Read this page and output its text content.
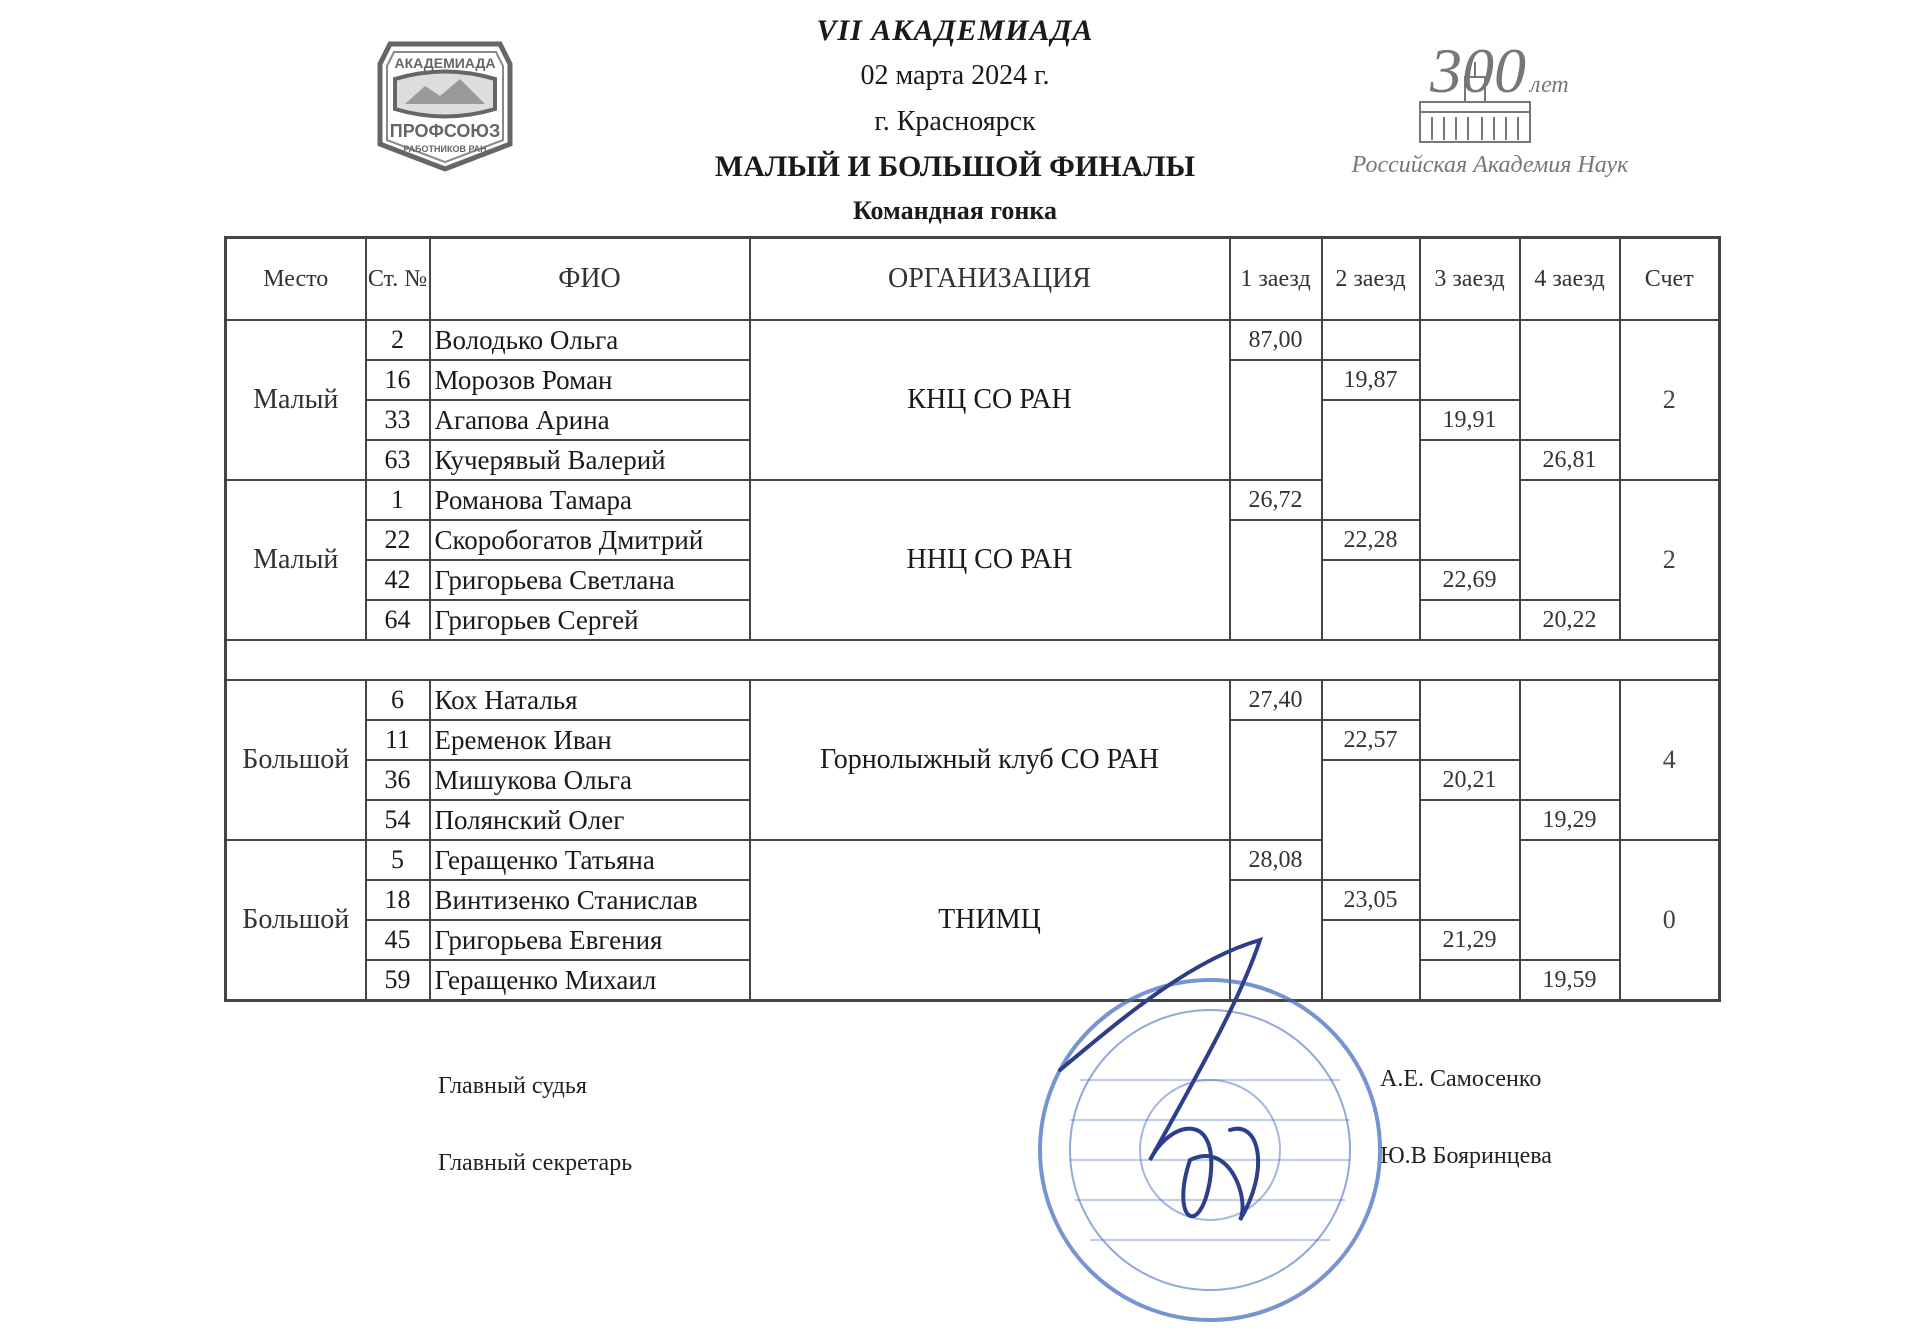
VII АКАДЕМИАДА
02 марта 2024 г.
г. Красноярск
МАЛЫЙ И БОЛЬШОЙ ФИНАЛЫ
Командная гонка
АКАДЕМИАДА
ПРОФСОЮЗ
РАБОТНИКОВ РАН
300 лет
Российская Академия Наук
Место	Ст. №	ФИО	ОРГАНИЗАЦИЯ	1 заезд	2 заезд	3 заезд	4 заезд	Счет
Малый	2	Володько Ольга	КНЦ СО РАН	87,00				2
	16	Морозов Роман			19,87			
	33	Агапова Арина				19,91		
	63	Кучерявый Валерий					26,81	
Малый	1	Романова Тамара	ННЦ СО РАН	26,72				2
	22	Скоробогатов Дмитрий			22,28			
	42	Григорьева Светлана				22,69		
	64	Григорьев Сергей					20,22	

Большой	6	Кох Наталья	Горнолыжный клуб СО РАН	27,40				4
	11	Еременок Иван			22,57			
	36	Мишукова Ольга				20,21		
	54	Полянский Олег					19,29	
Большой	5	Геращенко Татьяна	ТНИМЦ	28,08				0
	18	Винтизенко Станислав			23,05			
	45	Григорьева Евгения				21,29		
	59	Геращенко Михаил					19,59	
Главный судья	А.Е. Самосенко
Главный секретарь	Ю.В Бояринцева
